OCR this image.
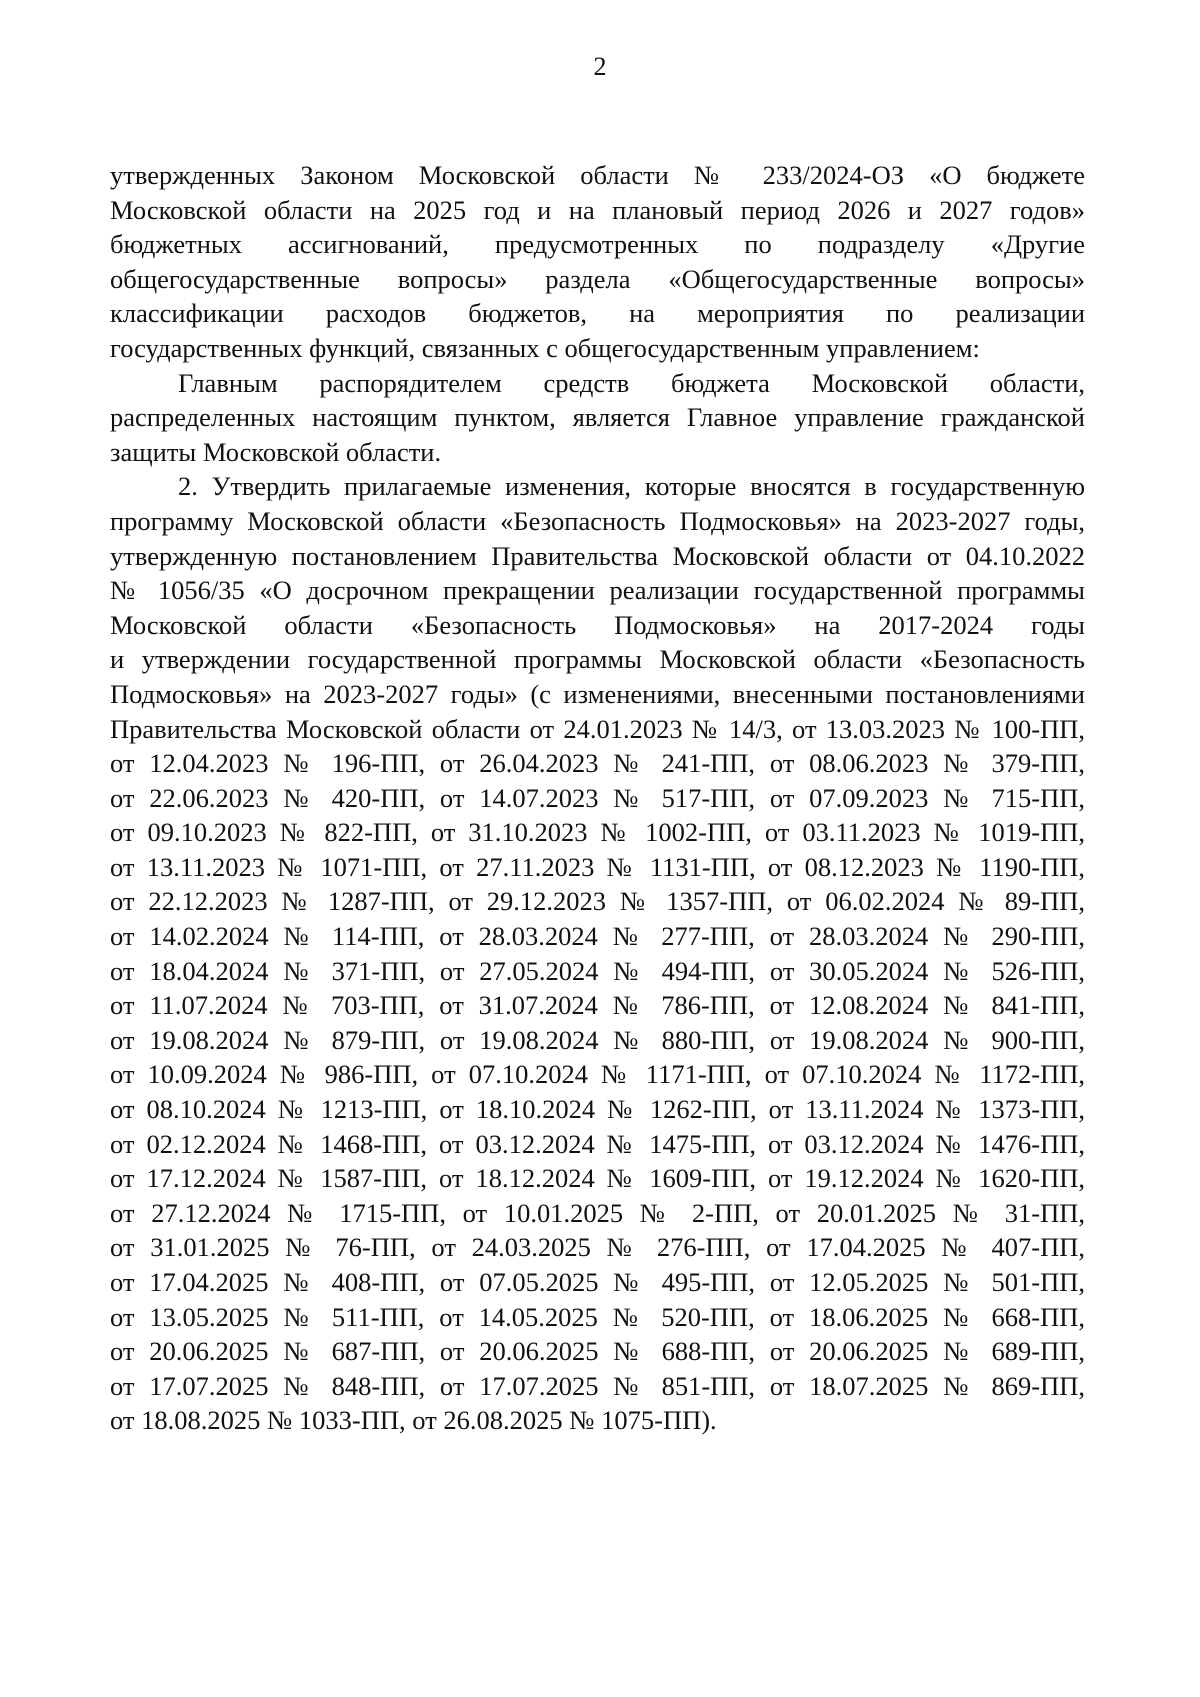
2
утвержденных Законом Московской области № 233/2024-ОЗ «О бюджете
Московской области на 2025 год и на плановый период 2026 и 2027 годов»
бюджетных ассигнований, предусмотренных по подразделу «Другие
общегосударственные вопросы» раздела «Общегосударственные вопросы»
классификации расходов бюджетов, на мероприятия по реализации
государственных функций, связанных с общегосударственным управлением:
Главным распорядителем средств бюджета Московской области,
распределенных настоящим пунктом, является Главное управление гражданской
защиты Московской области.
2. Утвердить прилагаемые изменения, которые вносятся в государственную
программу Московской области «Безопасность Подмосковья» на 2023-2027 годы,
утвержденную постановлением Правительства Московской области от 04.10.2022
№ 1056/35 «О досрочном прекращении реализации государственной программы
Московской области «Безопасность Подмосковья» на 2017-2024 годы
и утверждении государственной программы Московской области «Безопасность
Подмосковья» на 2023-2027 годы» (с изменениями, внесенными постановлениями
Правительства Московской области от 24.01.2023 № 14/3, от 13.03.2023 № 100-ПП,
от 12.04.2023 № 196-ПП, от 26.04.2023 № 241-ПП, от 08.06.2023 № 379-ПП,
от 22.06.2023 № 420-ПП, от 14.07.2023 № 517-ПП, от 07.09.2023 № 715-ПП,
от 09.10.2023 № 822-ПП, от 31.10.2023 № 1002-ПП, от 03.11.2023 № 1019-ПП,
от 13.11.2023 № 1071-ПП, от 27.11.2023 № 1131-ПП, от 08.12.2023 № 1190-ПП,
от 22.12.2023 № 1287-ПП, от 29.12.2023 № 1357-ПП, от 06.02.2024 № 89-ПП,
от 14.02.2024 № 114-ПП, от 28.03.2024 № 277-ПП, от 28.03.2024 № 290-ПП,
от 18.04.2024 № 371-ПП, от 27.05.2024 № 494-ПП, от 30.05.2024 № 526-ПП,
от 11.07.2024 № 703-ПП, от 31.07.2024 № 786-ПП, от 12.08.2024 № 841-ПП,
от 19.08.2024 № 879-ПП, от 19.08.2024 № 880-ПП, от 19.08.2024 № 900-ПП,
от 10.09.2024 № 986-ПП, от 07.10.2024 № 1171-ПП, от 07.10.2024 № 1172-ПП,
от 08.10.2024 № 1213-ПП, от 18.10.2024 № 1262-ПП, от 13.11.2024 № 1373-ПП,
от 02.12.2024 № 1468-ПП, от 03.12.2024 № 1475-ПП, от 03.12.2024 № 1476-ПП,
от 17.12.2024 № 1587-ПП, от 18.12.2024 № 1609-ПП, от 19.12.2024 № 1620-ПП,
от 27.12.2024 № 1715-ПП, от 10.01.2025 № 2-ПП, от 20.01.2025 № 31-ПП,
от 31.01.2025 № 76-ПП, от 24.03.2025 № 276-ПП, от 17.04.2025 № 407-ПП,
от 17.04.2025 № 408-ПП, от 07.05.2025 № 495-ПП, от 12.05.2025 № 501-ПП,
от 13.05.2025 № 511-ПП, от 14.05.2025 № 520-ПП, от 18.06.2025 № 668-ПП,
от 20.06.2025 № 687-ПП, от 20.06.2025 № 688-ПП, от 20.06.2025 № 689-ПП,
от 17.07.2025 № 848-ПП, от 17.07.2025 № 851-ПП, от 18.07.2025 № 869-ПП,
от 18.08.2025 № 1033-ПП, от 26.08.2025 № 1075-ПП).
